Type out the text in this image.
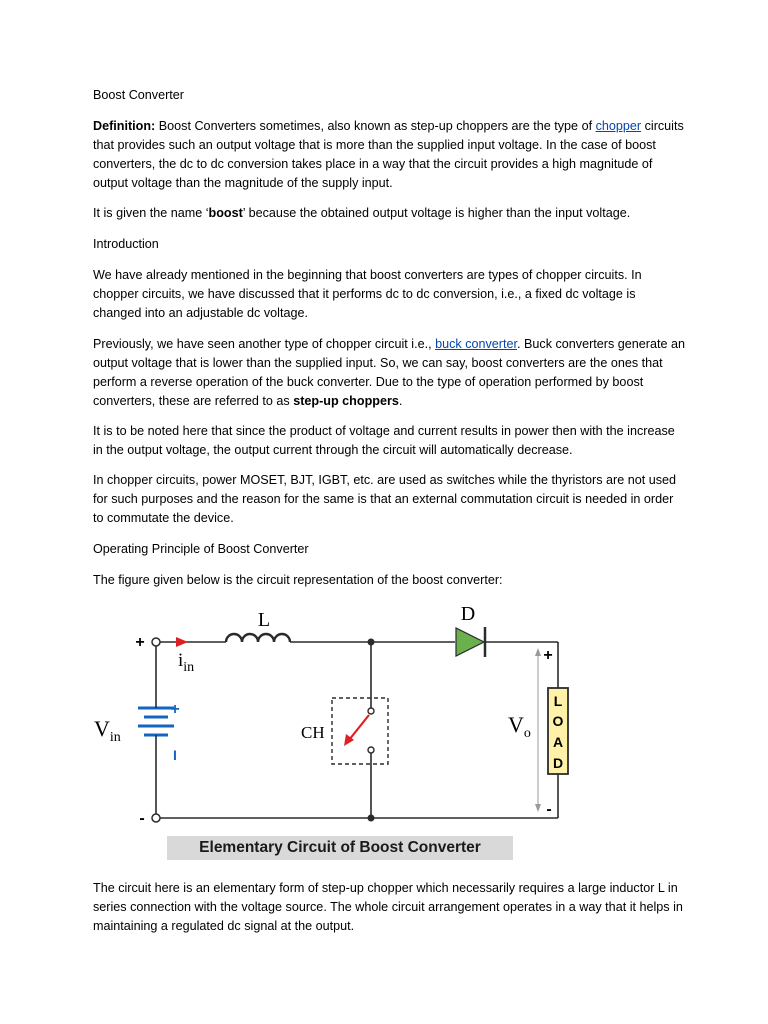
Boost Converter

Definition: Boost Converters sometimes, also known as step-up choppers are the type of chopper circuits that provides such an output voltage that is more than the supplied input voltage. In the case of boost converters, the dc to dc conversion takes place in a way that the circuit provides a high magnitude of output voltage than the magnitude of the supply input.

It is given the name ‘boost’ because the obtained output voltage is higher than the input voltage.

Introduction

We have already mentioned in the beginning that boost converters are types of chopper circuits. In chopper circuits, we have discussed that it performs dc to dc conversion, i.e., a fixed dc voltage is changed into an adjustable dc voltage.

Previously, we have seen another type of chopper circuit i.e., buck converter. Buck converters generate an output voltage that is lower than the supplied input. So, we can say, boost converters are the ones that perform a reverse operation of the buck converter. Due to the type of operation performed by boost converters, these are referred to as step-up choppers.

It is to be noted here that since the product of voltage and current results in power then with the increase in the output voltage, the output current through the circuit will automatically decrease.

In chopper circuits, power MOSET, BJT, IGBT, etc. are used as switches while the thyristors are not used for such purposes and the reason for the same is that an external commutation circuit is needed in order to commutate the device.

Operating Principle of Boost Converter

The figure given below is the circuit representation of the boost converter:

L	D
+
-
$i_{in}$
$V_{in}$
+
I
CH	$V_o$
+
-
L
O
A
D
Elementary Circuit of Boost Converter

The circuit here is an elementary form of step-up chopper which necessarily requires a large inductor L in series connection with the voltage source. The whole circuit arrangement operates in a way that it helps in maintaining a regulated dc signal at the output.
